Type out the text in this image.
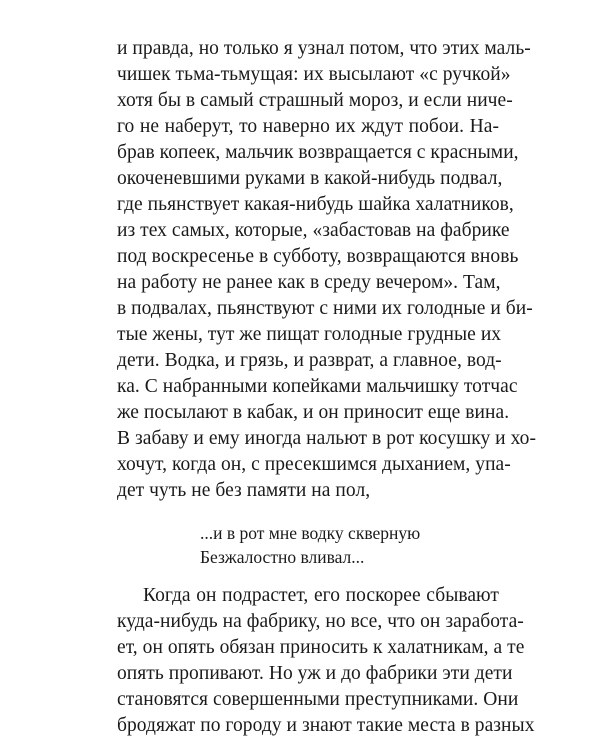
и правда, но только я узнал потом, что этих маль-
чишек тьма-тьмущая: их высылают «с ручкой»
хотя бы в самый страшный мороз, и если ниче-
го не наберут, то наверно их ждут побои. На-
брав копеек, мальчик возвращается с красными,
окоченевшими руками в какой-нибудь подвал,
где пьянствует какая-нибудь шайка халатников,
из тех самых, которые, «забастовав на фабрике
под воскресенье в субботу, возвращаются вновь
на работу не ранее как в среду вечером». Там,
в подвалах, пьянствуют с ними их голодные и би-
тые жены, тут же пищат голодные грудные их
дети. Водка, и грязь, и разврат, а главное, вод-
ка. С набранными копейками мальчишку тотчас
же посылают в кабак, и он приносит еще вина.
В забаву и ему иногда нальют в рот косушку и хо-
хочут, когда он, с пресекшимся дыханием, упа-
дет чуть не без памяти на пол,
...и в рот мне водку скверную
Безжалостно вливал...
Когда он подрастет, его поскорее сбывают
куда-нибудь на фабрику, но все, что он заработа-
ет, он опять обязан приносить к халатникам, а те
опять пропивают. Но уж и до фабрики эти дети
становятся совершенными преступниками. Они
бродяжат по городу и знают такие места в разных
